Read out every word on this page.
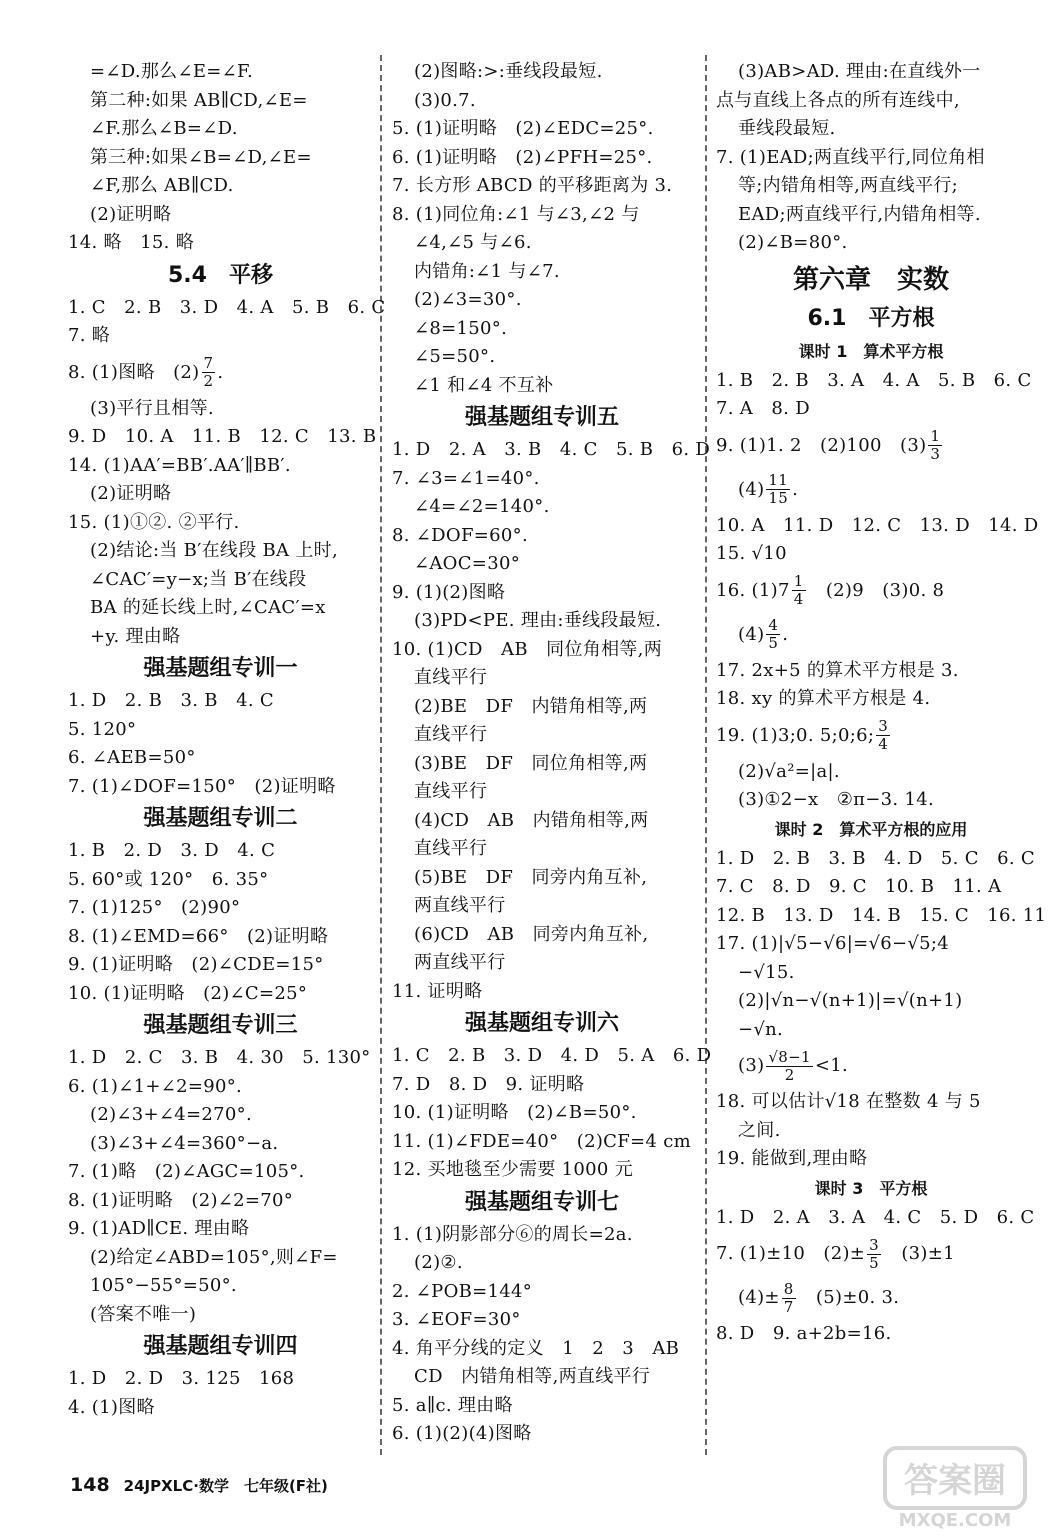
=∠D.那么∠E=∠F.
第二种:如果 AB∥CD,∠E=
∠F.那么∠B=∠D.
第三种:如果∠B=∠D,∠E=
∠F,那么 AB∥CD.
(2)证明略
14. 略　15. 略
5.4　平移
1. C　2. B　3. D　4. A　5. B　6. C
7. 略
8. (1)图略　$(2) \frac{7}{2}$ .
(3)平行且相等.
9. D　10. A　11. B　12. C　13. B
14. (1)AA′=BB′.AA′∥BB′.
(2)证明略
15. (1)①②. ②平行.
(2)结论:当 B′在线段 BA 上时,
∠CAC′=y−x;当 B′在线段
BA 的延长线上时,∠CAC′=x
+y. 理由略
强基题组专训一
1. D　2. B　3. B　4. C
5. 120°
6. ∠AEB=50°
7. (1)∠DOF=150°　(2)证明略
强基题组专训二
1. B　2. D　3. D　4. C
5. 60°或 120°　6. 35°
7. (1)125°　(2)90°
8. (1)∠EMD=66°　(2)证明略
9. (1)证明略　(2)∠CDE=15°
10. (1)证明略　(2)∠C=25°
强基题组专训三
1. D　2. C　3. B　4. 30　5. 130°
6. (1)∠1+∠2=90°.
(2)∠3+∠4=270°.
(3)∠3+∠4=360°−a.
7. (1)略　(2)∠AGC=105°.
8. (1)证明略　(2)∠2=70°
9. (1)AD∥CE. 理由略
(2)给定∠ABD=105°,则∠F=
105°−55°=50°.
(答案不唯一)
强基题组专训四
1. D　2. D　3. 125　168
4. (1)图略
(2)图略:>:垂线段最短.
(3)0.7.
5. (1)证明略　(2)∠EDC=25°.
6. (1)证明略　(2)∠PFH=25°.
7. 长方形 ABCD 的平移距离为 3.
8. (1)同位角:∠1 与∠3,∠2 与
∠4,∠5 与∠6.
内错角:∠1 与∠7.
(2)∠3=30°.
∠8=150°.
∠5=50°.
∠1 和∠4 不互补
强基题组专训五
1. D　2. A　3. B　4. C　5. B　6. D
7. ∠3=∠1=40°.
∠4=∠2=140°.
8. ∠DOF=60°.
∠AOC=30°
9. (1)(2)图略
(3)PD<PE. 理由:垂线段最短.
10. (1)CD　AB　同位角相等,两
直线平行
(2)BE　DF　内错角相等,两
直线平行
(3)BE　DF　同位角相等,两
直线平行
(4)CD　AB　内错角相等,两
直线平行
(5)BE　DF　同旁内角互补,
两直线平行
(6)CD　AB　同旁内角互补,
两直线平行
11. 证明略
强基题组专训六
1. C　2. B　3. D　4. D　5. A　6. D
7. D　8. D　9. 证明略
10. (1)证明略　(2)∠B=50°.
11. (1)∠FDE=40°　(2)CF=4 cm
12. 买地毯至少需要 1000 元
强基题组专训七
1. (1)阴影部分⑥的周长=2a.
(2)②.
2. ∠POB=144°
3. ∠EOF=30°
4. 角平分线的定义　1　2　3　AB
CD　内错角相等,两直线平行
5. a∥c. 理由略
6. (1)(2)(4)图略
(3)AB>AD. 理由:在直线外一
点与直线上各点的所有连线中,
垂线段最短.
7. (1)EAD;两直线平行,同位角相
等;内错角相等,两直线平行;
EAD;两直线平行,内错角相等.
(2)∠B=80°.
第六章　实数
6.1　平方根
课时 1　算术平方根
1. B　2. B　3. A　4. A　5. B　6. C
7. A　8. D
9. (1)1. 2　(2)100　$(3) \frac{1}{3}$
$(4) \frac{11}{15}$ .
10. A　11. D　12. C　13. D　14. D
15. √10
16. $(1)7 \frac{1}{4}$ 　(2)9　(3)0. 8
$(4) \frac{4}{5}$ .
17. 2x+5 的算术平方根是 3.
18. xy 的算术平方根是 4.
19. (1)3;0. 5;0;6; $\frac{3}{4}$
(2)√a²=|a|.
(3)①2−x　②π−3. 14.
课时 2　算术平方根的应用
1. D　2. B　3. B　4. D　5. C　6. C
7. C　8. D　9. C　10. B　11. A
12. B　13. D　14. B　15. C　16. 11
17. (1)|√5−√6|=√6−√5;4
−√15.
(2)|√n−√(n+1)|=√(n+1)
−√n.
$(3) \frac{√8-1}{2} <1$.
18. 可以估计√18 在整数 4 与 5
之间.
19. 能做到,理由略
课时 3　平方根
1. D　2. A　3. A　4. C　5. D　6. C
7. (1)±10　$(2)\pm \frac{3}{5}$ 　(3)±1
$(4)\pm \frac{8}{7}$ 　(5)±0. 3.
8. D　9. a+2b=16.
148 24JPXLC·数学　七年级(F社)	答案圈
MXQE.COM
